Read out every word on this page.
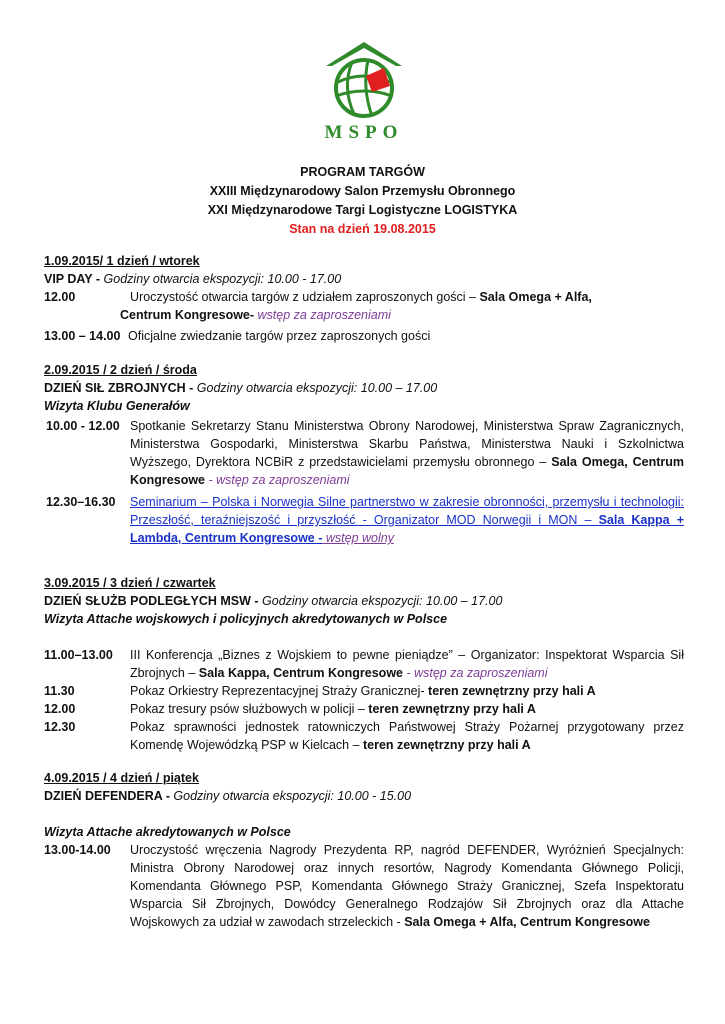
MSPO
PROGRAM TARGÓW
XXIII Międzynarodowy Salon Przemysłu Obronnego
XXI Międzynarodowe Targi Logistyczne LOGISTYKA
Stan na dzień 19.08.2015
1.09.2015/ 1 dzień / wtorek
VIP DAY - Godziny otwarcia ekspozycji: 10.00 - 17.00
12.00	Uroczystość otwarcia targów z udziałem zaproszonych gości – Sala Omega + Alfa,
Centrum Kongresowe- wstęp za zaproszeniami
13.00 – 14.00 Oficjalne zwiedzanie targów przez zaproszonych gości
2.09.2015 / 2 dzień / środa
DZIEŃ SIŁ ZBROJNYCH - Godziny otwarcia ekspozycji: 10.00 – 17.00
Wizyta Klubu Generałów
10.00 - 12.00 Spotkanie Sekretarzy Stanu Ministerstwa Obrony Narodowej, Ministerstwa Spraw Zagranicznych, Ministerstwa Gospodarki, Ministerstwa Skarbu Państwa, Ministerstwa Nauki i Szkolnictwa Wyższego, Dyrektora NCBiR z przedstawicielami przemysłu obronnego – Sala Omega, Centrum Kongresowe - wstęp za zaproszeniami
12.30–16.30 Seminarium – Polska i Norwegia Silne partnerstwo w zakresie obronności, przemysłu i technologii: Przeszłość, teraźniejszość i przyszłość - Organizator MOD Norwegii i MON – Sala Kappa + Lambda, Centrum Kongresowe - wstęp wolny
3.09.2015 / 3 dzień / czwartek
DZIEŃ SŁUŻB PODLEGŁYCH MSW - Godziny otwarcia ekspozycji: 10.00 – 17.00
Wizyta Attache wojskowych i policyjnych akredytowanych w Polsce
11.00–13.00 III Konferencja „Biznes z Wojskiem to pewne pieniądze” – Organizator: Inspektorat Wsparcia Sił Zbrojnych – Sala Kappa, Centrum Kongresowe - wstęp za zaproszeniami
11.30	Pokaz Orkiestry Reprezentacyjnej Straży Granicznej- teren zewnętrzny przy hali A
12.00	Pokaz tresury psów służbowych w policji – teren zewnętrzny przy hali A
12.30	Pokaz sprawności jednostek ratowniczych Państwowej Straży Pożarnej przygotowany przez Komendę Wojewódzką PSP w Kielcach – teren zewnętrzny przy hali A
4.09.2015 / 4 dzień / piątek
DZIEŃ DEFENDERA - Godziny otwarcia ekspozycji: 10.00 - 15.00
Wizyta Attache akredytowanych w Polsce
13.00-14.00 Uroczystość wręczenia Nagrody Prezydenta RP, nagród DEFENDER, Wyróżnień Specjalnych: Ministra Obrony Narodowej oraz innych resortów, Nagrody Komendanta Głównego Policji, Komendanta Głównego PSP, Komendanta Głównego Straży Granicznej, Szefa Inspektoratu Wsparcia Sił Zbrojnych, Dowódcy Generalnego Rodzajów Sił Zbrojnych oraz dla Attache Wojskowych za udział w zawodach strzeleckich - Sala Omega + Alfa, Centrum Kongresowe
